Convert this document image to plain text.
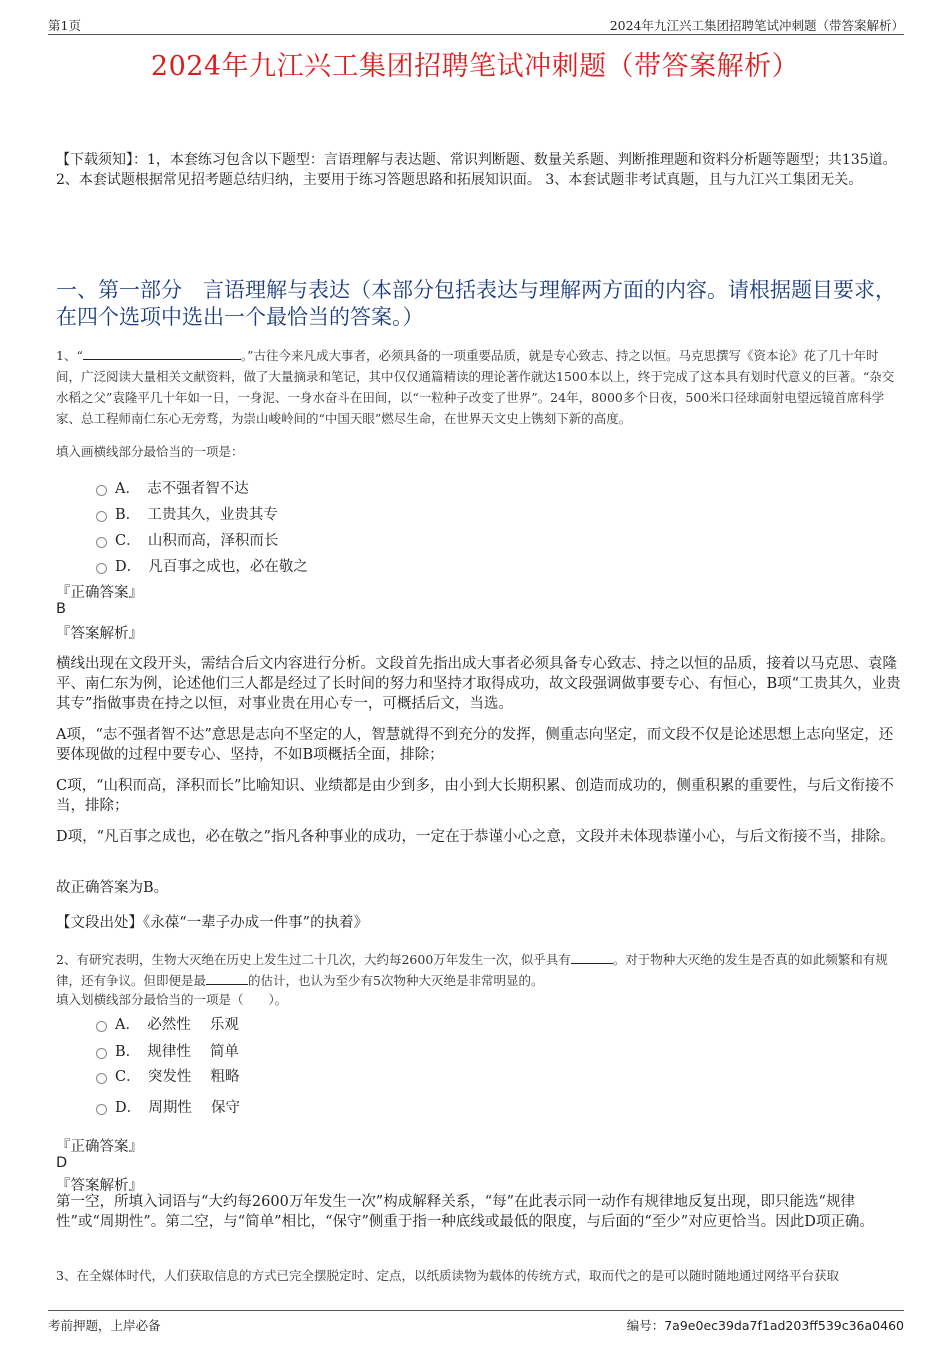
第1页	2024年九江兴工集团招聘笔试冲刺题（带答案解析）
2024年九江兴工集团招聘笔试冲刺题（带答案解析）
【下载须知】：1，本套练习包含以下题型：言语理解与表达题、常识判断题、数量关系题、判断推理题和资料分析题等题型；共135道。 2、本套试题根据常见招考题总结归纳，主要用于练习答题思路和拓展知识面。 3、本套试题非考试真题，且与九江兴工集团无关。
一、第一部分　言语理解与表达（本部分包括表达与理解两方面的内容。请根据题目要求，在四个选项中选出一个最恰当的答案。）
1、“	。”古往今来凡成大事者，必须具备的一项重要品质，就是专心致志、持之以恒。马克思撰写《资本论》花了几十年时间，广泛阅读大量相关文献资料，做了大量摘录和笔记，其中仅仅通篇精读的理论著作就达1500本以上，终于完成了这本具有划时代意义的巨著。“杂交水稻之父”袁隆平几十年如一日，一身泥、一身水奋斗在田间，以“一粒种子改变了世界”。24年，8000多个日夜，500米口径球面射电望远镜首席科学家、总工程师南仁东心无旁骛，为崇山峻岭间的“中国天眼”燃尽生命，在世界天文史上镌刻下新的高度。
填入画横线部分最恰当的一项是：
A．　志不强者智不达
B．　工贵其久，业贵其专
C．　山积而高，泽积而长
D．　凡百事之成也，必在敬之
『正确答案』
B
『答案解析』
横线出现在文段开头，需结合后文内容进行分析。文段首先指出成大事者必须具备专心致志、持之以恒的品质，接着以马克思、袁隆平、南仁东为例，论述他们三人都是经过了长时间的努力和坚持才取得成功，故文段强调做事要专心、有恒心，B项“工贵其久，业贵其专”指做事贵在持之以恒，对事业贵在用心专一，可概括后文，当选。
A项，“志不强者智不达”意思是志向不坚定的人，智慧就得不到充分的发挥，侧重志向坚定，而文段不仅是论述思想上志向坚定，还要体现做的过程中要专心、坚持，不如B项概括全面，排除；
C项，“山积而高，泽积而长”比喻知识、业绩都是由少到多，由小到大长期积累、创造而成功的，侧重积累的重要性，与后文衔接不当，排除；
D项，“凡百事之成也，必在敬之”指凡各种事业的成功，一定在于恭谨小心之意，文段并未体现恭谨小心，与后文衔接不当，排除。
故正确答案为B。
【文段出处】《永葆“一辈子办成一件事”的执着》
2、有研究表明，生物大灭绝在历史上发生过二十几次，大约每2600万年发生一次，似乎具有	。对于物种大灭绝的发生是否真的如此频繁和有规律，还有争议。但即便是最	的估计，也认为至少有5次物种大灭绝是非常明显的。
填入划横线部分最恰当的一项是（　　）。
A．　必然性　 乐观
B．　规律性　 简单
C．　突发性　 粗略
D．　周期性　 保守
『正确答案』
D
『答案解析』
第一空，所填入词语与“大约每2600万年发生一次”构成解释关系，“每”在此表示同一动作有规律地反复出现，即只能选“规律性”或“周期性”。第二空，与“简单”相比，“保守”侧重于指一种底线或最低的限度，与后面的“至少”对应更恰当。因此D项正确。
3、在全媒体时代，人们获取信息的方式已完全摆脱定时、定点，以纸质读物为载体的传统方式，取而代之的是可以随时随地通过网络平台获取
考前押题，上岸必备	编号：7a9e0ec39da7f1ad203ff539c36a0460
